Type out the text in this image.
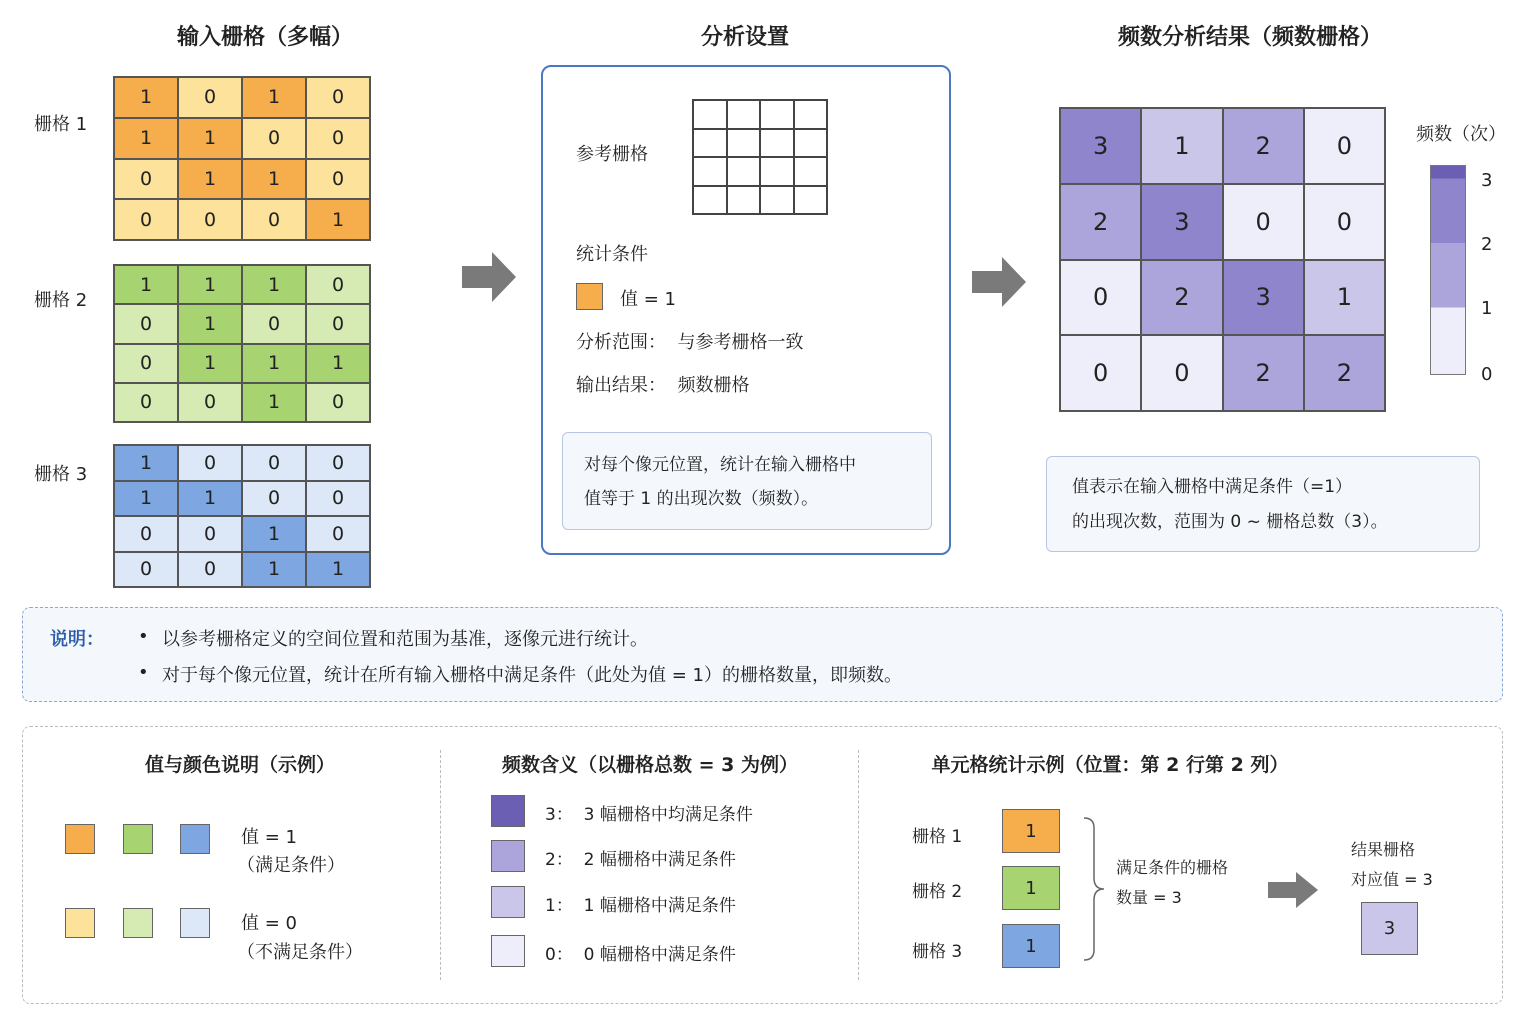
输入栅格（多幅）	分析设置	频数分析结果（频数栅格）
栅格 1
1	0	1	0
1	1	0	0
0	1	1	0
0	0	0	1
栅格 2
1	1	1	0
0	1	0	0
0	1	1	1
0	0	1	0
栅格 3
1	0	0	0
1	1	0	0
0	0	1	0
0	0	1	1
参考栅格
统计条件
值 = 1
分析范围：  与参考栅格一致
输出结果：  频数栅格
对每个像元位置，统计在输入栅格中
值等于 1 的出现次数（频数）。
3	1	2	0
2	3	0	0
0	2	3	1
0	0	2	2
频数（次）
3
2
1
0
值表示在输入栅格中满足条件（=1）
的出现次数，范围为 0 ~ 栅格总数（3）。
说明： • 以参考栅格定义的空间位置和范围为基准，逐像元进行统计。
• 对于每个像元位置，统计在所有输入栅格中满足条件（此处为值 = 1）的栅格数量，即频数。
值与颜色说明（示例）
值 = 1
（满足条件）
值 = 0
（不满足条件）
频数含义（以栅格总数 = 3 为例）
3：  3 幅栅格中均满足条件
2：  2 幅栅格中满足条件
1：  1 幅栅格中满足条件
0：  0 幅栅格中满足条件
单元格统计示例（位置：第 2 行第 2 列）
栅格 1	1
栅格 2	1
栅格 3	1
满足条件的栅格
数量 = 3
结果栅格
对应值 = 3
3
